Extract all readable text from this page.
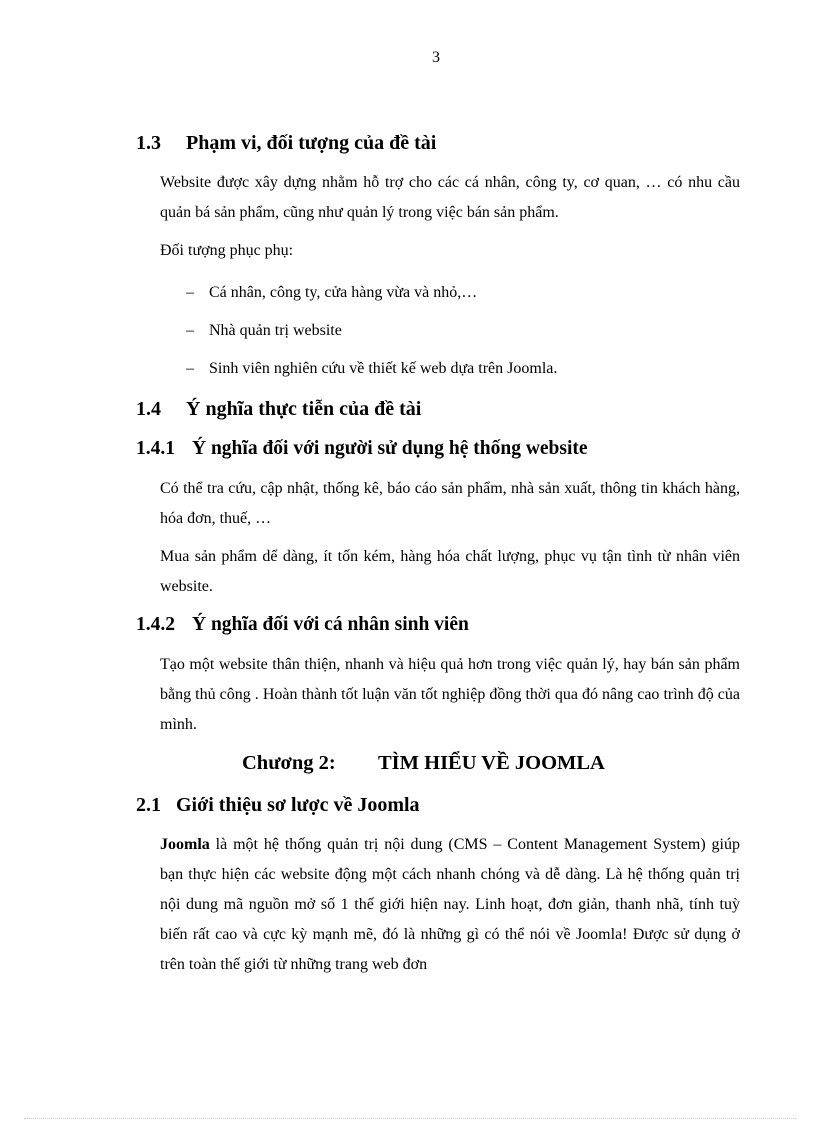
3
1.3 Phạm vi, đối tượng của đề tài

Website được xây dựng nhằm hỗ trợ cho các cá nhân, công ty, cơ quan, … có nhu cầu quản bá sản phẩm, cũng như quản lý trong việc bán sản phẩm.

Đối tượng phục phụ:

– Cá nhân, công ty, cửa hàng vừa và nhỏ,…
– Nhà quản trị website
– Sinh viên nghiên cứu về thiết kế web dựa trên Joomla.
1.4 Ý nghĩa thực tiễn của đề tài
1.4.1 Ý nghĩa đối với người sử dụng hệ thống website

Có thể tra cứu, cập nhật, thống kê, báo cáo sản phẩm, nhà sản xuất, thông tin khách hàng, hóa đơn, thuế, …

Mua sản phẩm dể dàng, ít tốn kém, hàng hóa chất lượng, phục vụ tận tình từ nhân viên website.

1.4.2 Ý nghĩa đối với cá nhân sinh viên

Tạo một website thân thiện, nhanh và hiệu quả hơn trong việc quản lý, hay bán sản phẩm bằng thủ công . Hoàn thành tốt luận văn tốt nghiệp đồng thời qua đó nâng cao trình độ của mình.

Chương 2: TÌM HIỂU VỀ JOOMLA
2.1 Giới thiệu sơ lược về Joomla

Joomla là một hệ thống quản trị nội dung (CMS – Content Management System) giúp bạn thực hiện các website động một cách nhanh chóng và dễ dàng. Là hệ thống quản trị nội dung mã nguồn mở số 1 thế giới hiện nay. Linh hoạt, đơn giản, thanh nhã, tính tuỳ biến rất cao và cực kỳ mạnh mẽ, đó là những gì có thể nói về Joomla! Được sử dụng ở trên toàn thế giới từ những trang web đơn
